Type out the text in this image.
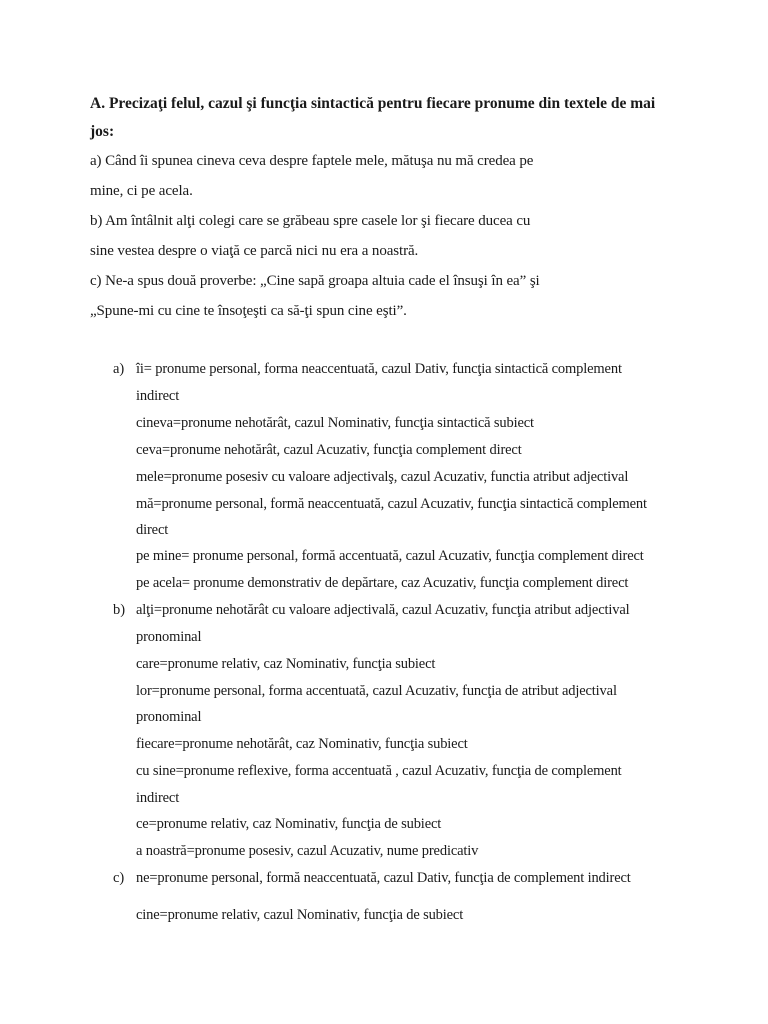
A. Precizaţi felul, cazul şi funcţia sintactică pentru fiecare pronume din textele de mai
jos:
a) Când îi spunea cineva ceva despre faptele mele, mătuşa nu mă credea pe
mine, ci pe acela.
b) Am întâlnit alţi colegi care se grăbeau spre casele lor şi fiecare ducea cu
sine vestea despre o viaţă ce parcă nici nu era a noastră.
c) Ne-a spus două proverbe: „Cine sapă groapa altuia cade el însuşi în ea” şi
„Spune-mi cu cine te însoţeşti ca să-ţi spun cine eşti”.
a) îi= pronume personal, forma neaccentuată, cazul Dativ, funcţia sintactică complement
indirect
cineva=pronume nehotărât, cazul Nominativ, funcţia sintactică subiect
ceva=pronume nehotărât, cazul Acuzativ, funcţia complement direct
mele=pronume posesiv cu valoare adjectivalş, cazul Acuzativ, functia atribut adjectival
mă=pronume personal, formă neaccentuată, cazul Acuzativ, funcţia sintactică complement
direct
pe mine= pronume personal, formă accentuată, cazul Acuzativ, funcţia complement direct
pe acela= pronume demonstrativ de depărtare, caz Acuzativ, funcţia complement direct
b) alţi=pronume nehotărât cu valoare adjectivală, cazul Acuzativ, funcţia atribut adjectival
pronominal
care=pronume relativ, caz Nominativ, funcţia subiect
lor=pronume personal, forma accentuată, cazul Acuzativ, funcţia de atribut adjectival
pronominal
fiecare=pronume nehotărât, caz Nominativ, funcţia subiect
cu sine=pronume reflexive, forma accentuată , cazul Acuzativ, funcţia de complement
indirect
ce=pronume relativ, caz Nominativ, funcţia de subiect
a noastră=pronume posesiv, cazul Acuzativ, nume predicativ
c) ne=pronume personal, formă neaccentuată, cazul Dativ, funcţia de complement indirect
cine=pronume relativ, cazul Nominativ, funcţia de subiect
